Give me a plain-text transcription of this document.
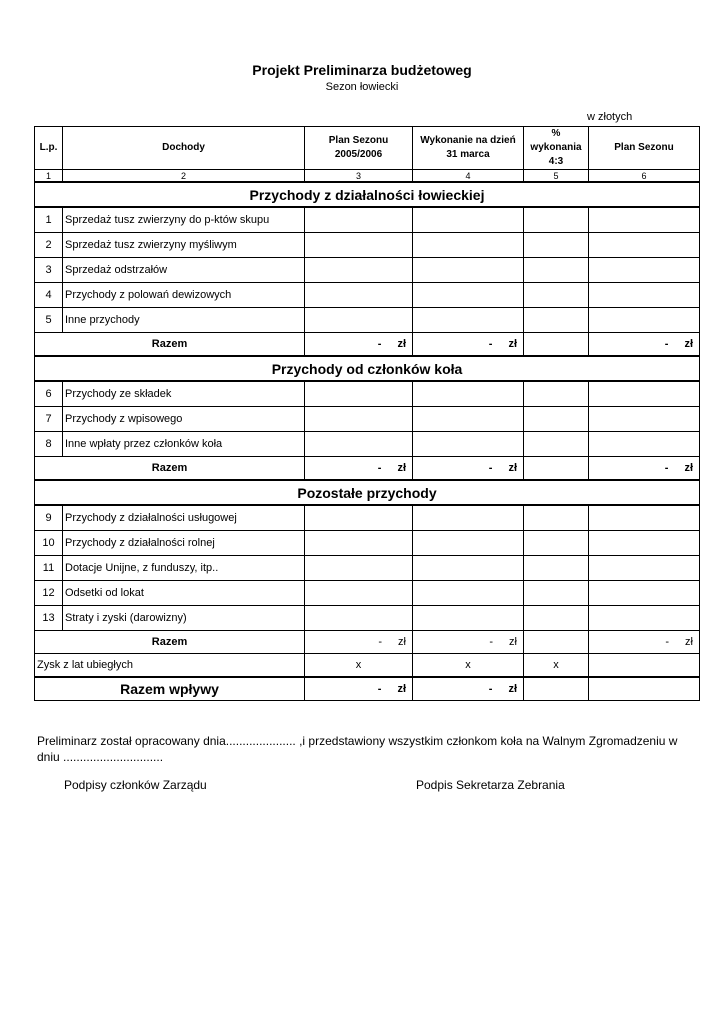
Projekt Preliminarza budżetoweg
Sezon łowiecki
w złotych
L.p.	Dochody	Plan Sezonu 2005/2006	Wykonanie na dzień 31 marca	% wykonania 4:3	Plan Sezonu
1	2	3	4	5	6
Przychody z działalności łowieckiej					
1	Sprzedaż tusz zwierzyny do p-któw skupu				
2	Sprzedaż tusz zwierzyny myśliwym				
3	Sprzedaż odstrzałów				
4	Przychody z polowań dewizowych				
5	Inne przychody				
Razem		- zł	- zł		- zł
Przychody od członków koła					
6	Przychody ze składek				
7	Przychody z wpisowego				
8	Inne wpłaty przez członków koła				
Razem		- zł	- zł		- zł
Pozostałe przychody					
9	Przychody z działalności usługowej				
10	Przychody z działalności rolnej				
11	Dotacje Unijne, z funduszy, itp..				
12	Odsetki od lokat				
13	Straty i zyski (darowizny)				
Razem		- zł	- zł		- zł
Zysk z lat ubiegłych		x	x	x	
Razem wpływy		- zł	- zł		
Preliminarz został opracowany dnia..................... ,i przedstawiony wszystkim członkom koła na Walnym Zgromadzeniu w dniu ..............................
Podpisy członków Zarządu	Podpis Sekretarza Zebrania
